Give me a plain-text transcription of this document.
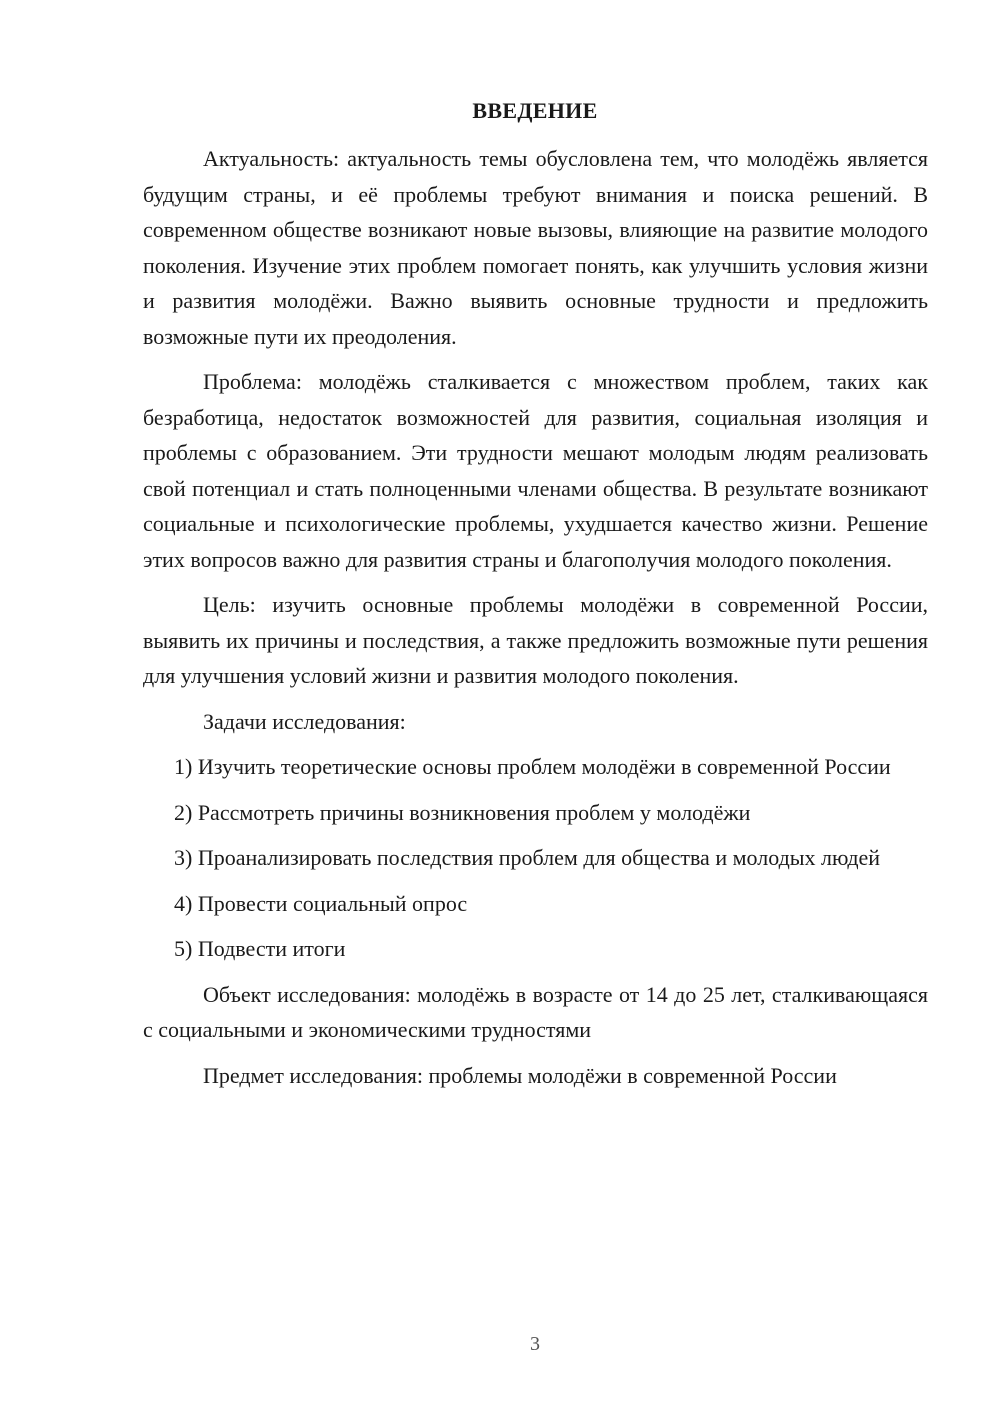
ВВЕДЕНИЕ

Актуальность: актуальность темы обусловлена тем, что молодёжь является будущим страны, и её проблемы требуют внимания и поиска решений. В современном обществе возникают новые вызовы, влияющие на развитие молодого поколения. Изучение этих проблем помогает понять, как улучшить условия жизни и развития молодёжи. Важно выявить основные трудности и предложить возможные пути их преодоления.

Проблема: молодёжь сталкивается с множеством проблем, таких как безработица, недостаток возможностей для развития, социальная изоляция и проблемы с образованием. Эти трудности мешают молодым людям реализовать свой потенциал и стать полноценными членами общества. В результате возникают социальные и психологические проблемы, ухудшается качество жизни. Решение этих вопросов важно для развития страны и благополучия молодого поколения.

Цель: изучить основные проблемы молодёжи в современной России, выявить их причины и последствия, а также предложить возможные пути решения для улучшения условий жизни и развития молодого поколения.

Задачи исследования:

1) Изучить теоретические основы проблем молодёжи в современной России

2) Рассмотреть причины возникновения проблем у молодёжи

3) Проанализировать последствия проблем для общества и молодых людей

4) Провести социальный опрос

5) Подвести итоги

Объект исследования: молодёжь в возрасте от 14 до 25 лет, сталкивающаяся с социальными и экономическими трудностями

Предмет исследования: проблемы молодёжи в современной России

3
